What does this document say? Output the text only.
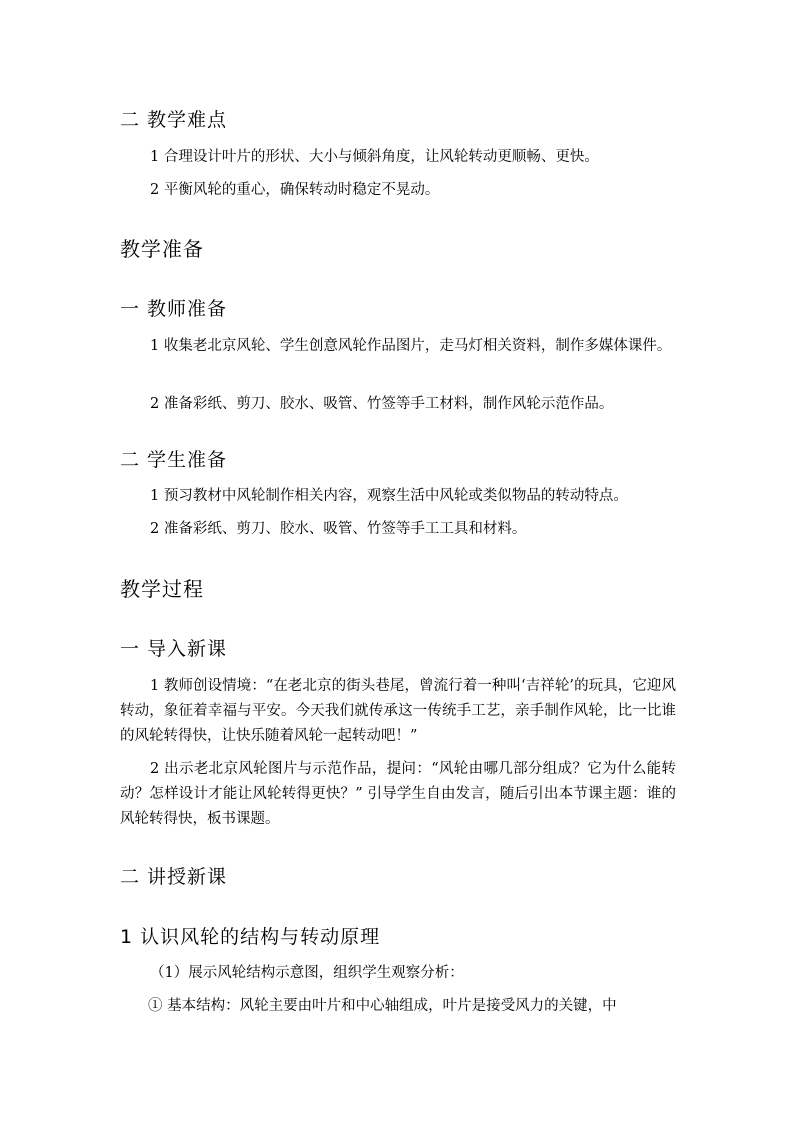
二 教学难点

1 合理设计叶片的形状、大小与倾斜角度，让风轮转动更顺畅、更快。

2 平衡风轮的重心，确保转动时稳定不晃动。

教学准备
一 教师准备

1 收集老北京风轮、学生创意风轮作品图片，走马灯相关资料，制作多媒体课件。

2 准备彩纸、剪刀、胶水、吸管、竹签等手工材料，制作风轮示范作品。

二 学生准备

1 预习教材中风轮制作相关内容，观察生活中风轮或类似物品的转动特点。

2 准备彩纸、剪刀、胶水、吸管、竹签等手工工具和材料。

教学过程
一 导入新课

1 教师创设情境：“在老北京的街头巷尾，曾流行着一种叫‘吉祥轮’的玩具，它迎风转动，象征着幸福与平安。今天我们就传承这一传统手工艺，亲手制作风轮，比一比谁的风轮转得快，让快乐随着风轮一起转动吧！”

2 出示老北京风轮图片与示范作品，提问：“风轮由哪几部分组成？它为什么能转动？怎样设计才能让风轮转得更快？” 引导学生自由发言，随后引出本节课主题：谁的风轮转得快，板书课题。

二 讲授新课
1 认识风轮的结构与转动原理

（1）展示风轮结构示意图，组织学生观察分析：

① 基本结构：风轮主要由叶片和中心轴组成，叶片是接受风力的关键，中
